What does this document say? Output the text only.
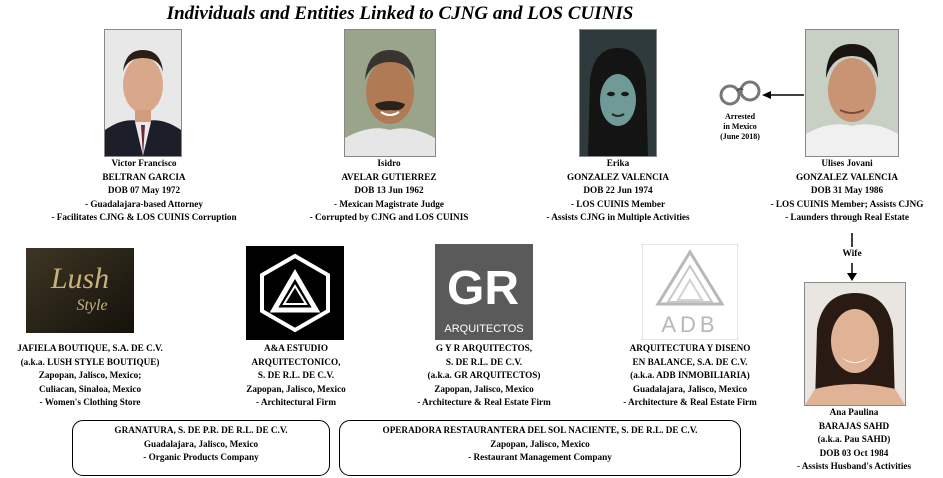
Individuals and Entities Linked to CJNG and LOS CUINIS
Victor Francisco
BELTRAN GARCIA
DOB 07 May 1972
- Guadalajara-based Attorney
- Facilitates CJNG & LOS CUINIS Corruption
Isidro
AVELAR GUTIERREZ
DOB 13 Jun 1962
- Mexican Magistrate Judge
- Corrupted by CJNG and LOS CUINIS
Erika
GONZALEZ VALENCIA
DOB 22 Jun 1974
- LOS CUINIS Member
- Assists CJNG in Multiple Activities
Ulises Jovani
GONZALEZ VALENCIA
DOB 31 May 1986
- LOS CUINIS Member; Assists CJNG
- Launders through Real Estate
Ana Paulina
BARAJAS SAHD
(a.k.a. Pau SAHD)
DOB 03 Oct 1984
- Assists Husband's Activities
Arrested
in Mexico
(June 2018)
Wife
Lush
Style	GR
ARQUITECTOS	ADB
JAFIELA BOUTIQUE, S.A. DE C.V.
(a.k.a. LUSH STYLE BOUTIQUE)
Zapopan, Jalisco, Mexico;
Culiacan, Sinaloa, Mexico
- Women's Clothing Store
A&A ESTUDIO
ARQUITECTONICO,
S. DE R.L. DE C.V.
Zapopan, Jalisco, Mexico
- Architectural Firm
G Y R ARQUITECTOS,
S. DE R.L. DE C.V.
(a.k.a. GR ARQUITECTOS)
Zapopan, Jalisco, Mexico
- Architecture & Real Estate Firm
ARQUITECTURA Y DISENO
EN BALANCE, S.A. DE C.V.
(a.k.a. ADB INMOBILIARIA)
Guadalajara, Jalisco, Mexico
- Architecture & Real Estate Firm
GRANATURA, S. DE P.R. DE R.L. DE C.V.
Guadalajara, Jalisco, Mexico
- Organic Products Company
OPERADORA RESTAURANTERA DEL SOL NACIENTE, S. DE R.L. DE C.V.
Zapopan, Jalisco, Mexico
- Restaurant Management Company
